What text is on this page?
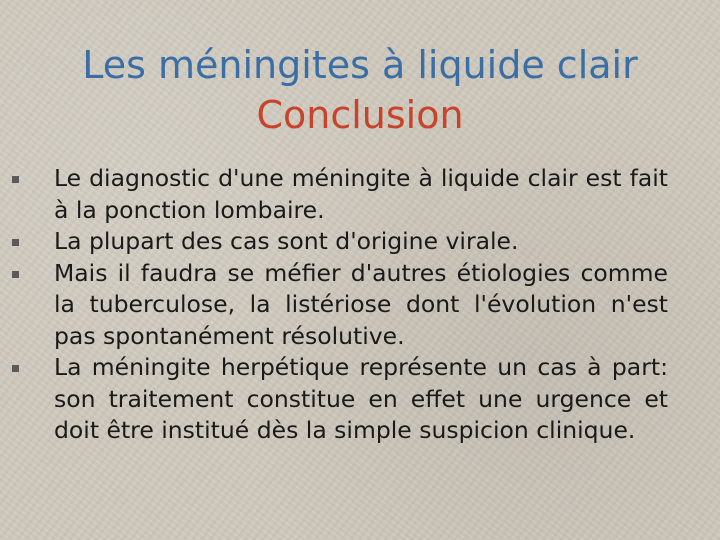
Les méningites à liquide clair
Conclusion
Le diagnostic d'une méningite à liquide clair est fait à la ponction lombaire.
La plupart des cas sont d'origine virale.
Mais il faudra se méfier d'autres étiologies comme la tuberculose, la listériose dont l'évolution n'est pas spontanément résolutive.
La méningite herpétique représente un cas à part: son traitement constitue en effet une urgence et doit être institué dès la simple suspicion clinique.
